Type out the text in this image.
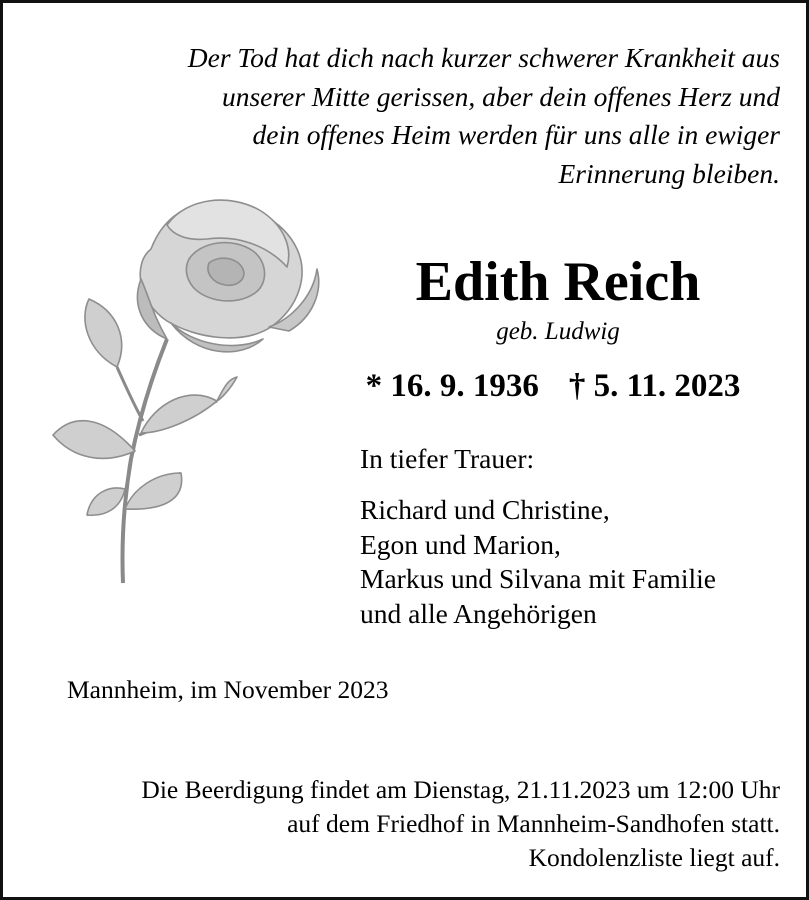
Der Tod hat dich nach kurzer schwerer Krankheit aus
unserer Mitte gerissen, aber dein offenes Herz und
dein offenes Heim werden für uns alle in ewiger
Erinnerung bleiben.
Edith Reich
geb. Ludwig
* 16. 9. 1936 † 5. 11. 2023
In tiefer Trauer:
Richard und Christine,
Egon und Marion,
Markus und Silvana mit Familie
und alle Angehörigen
Mannheim, im November 2023
Die Beerdigung findet am Dienstag, 21.11.2023 um 12:00 Uhr
auf dem Friedhof in Mannheim-Sandhofen statt.
Kondolenzliste liegt auf.
